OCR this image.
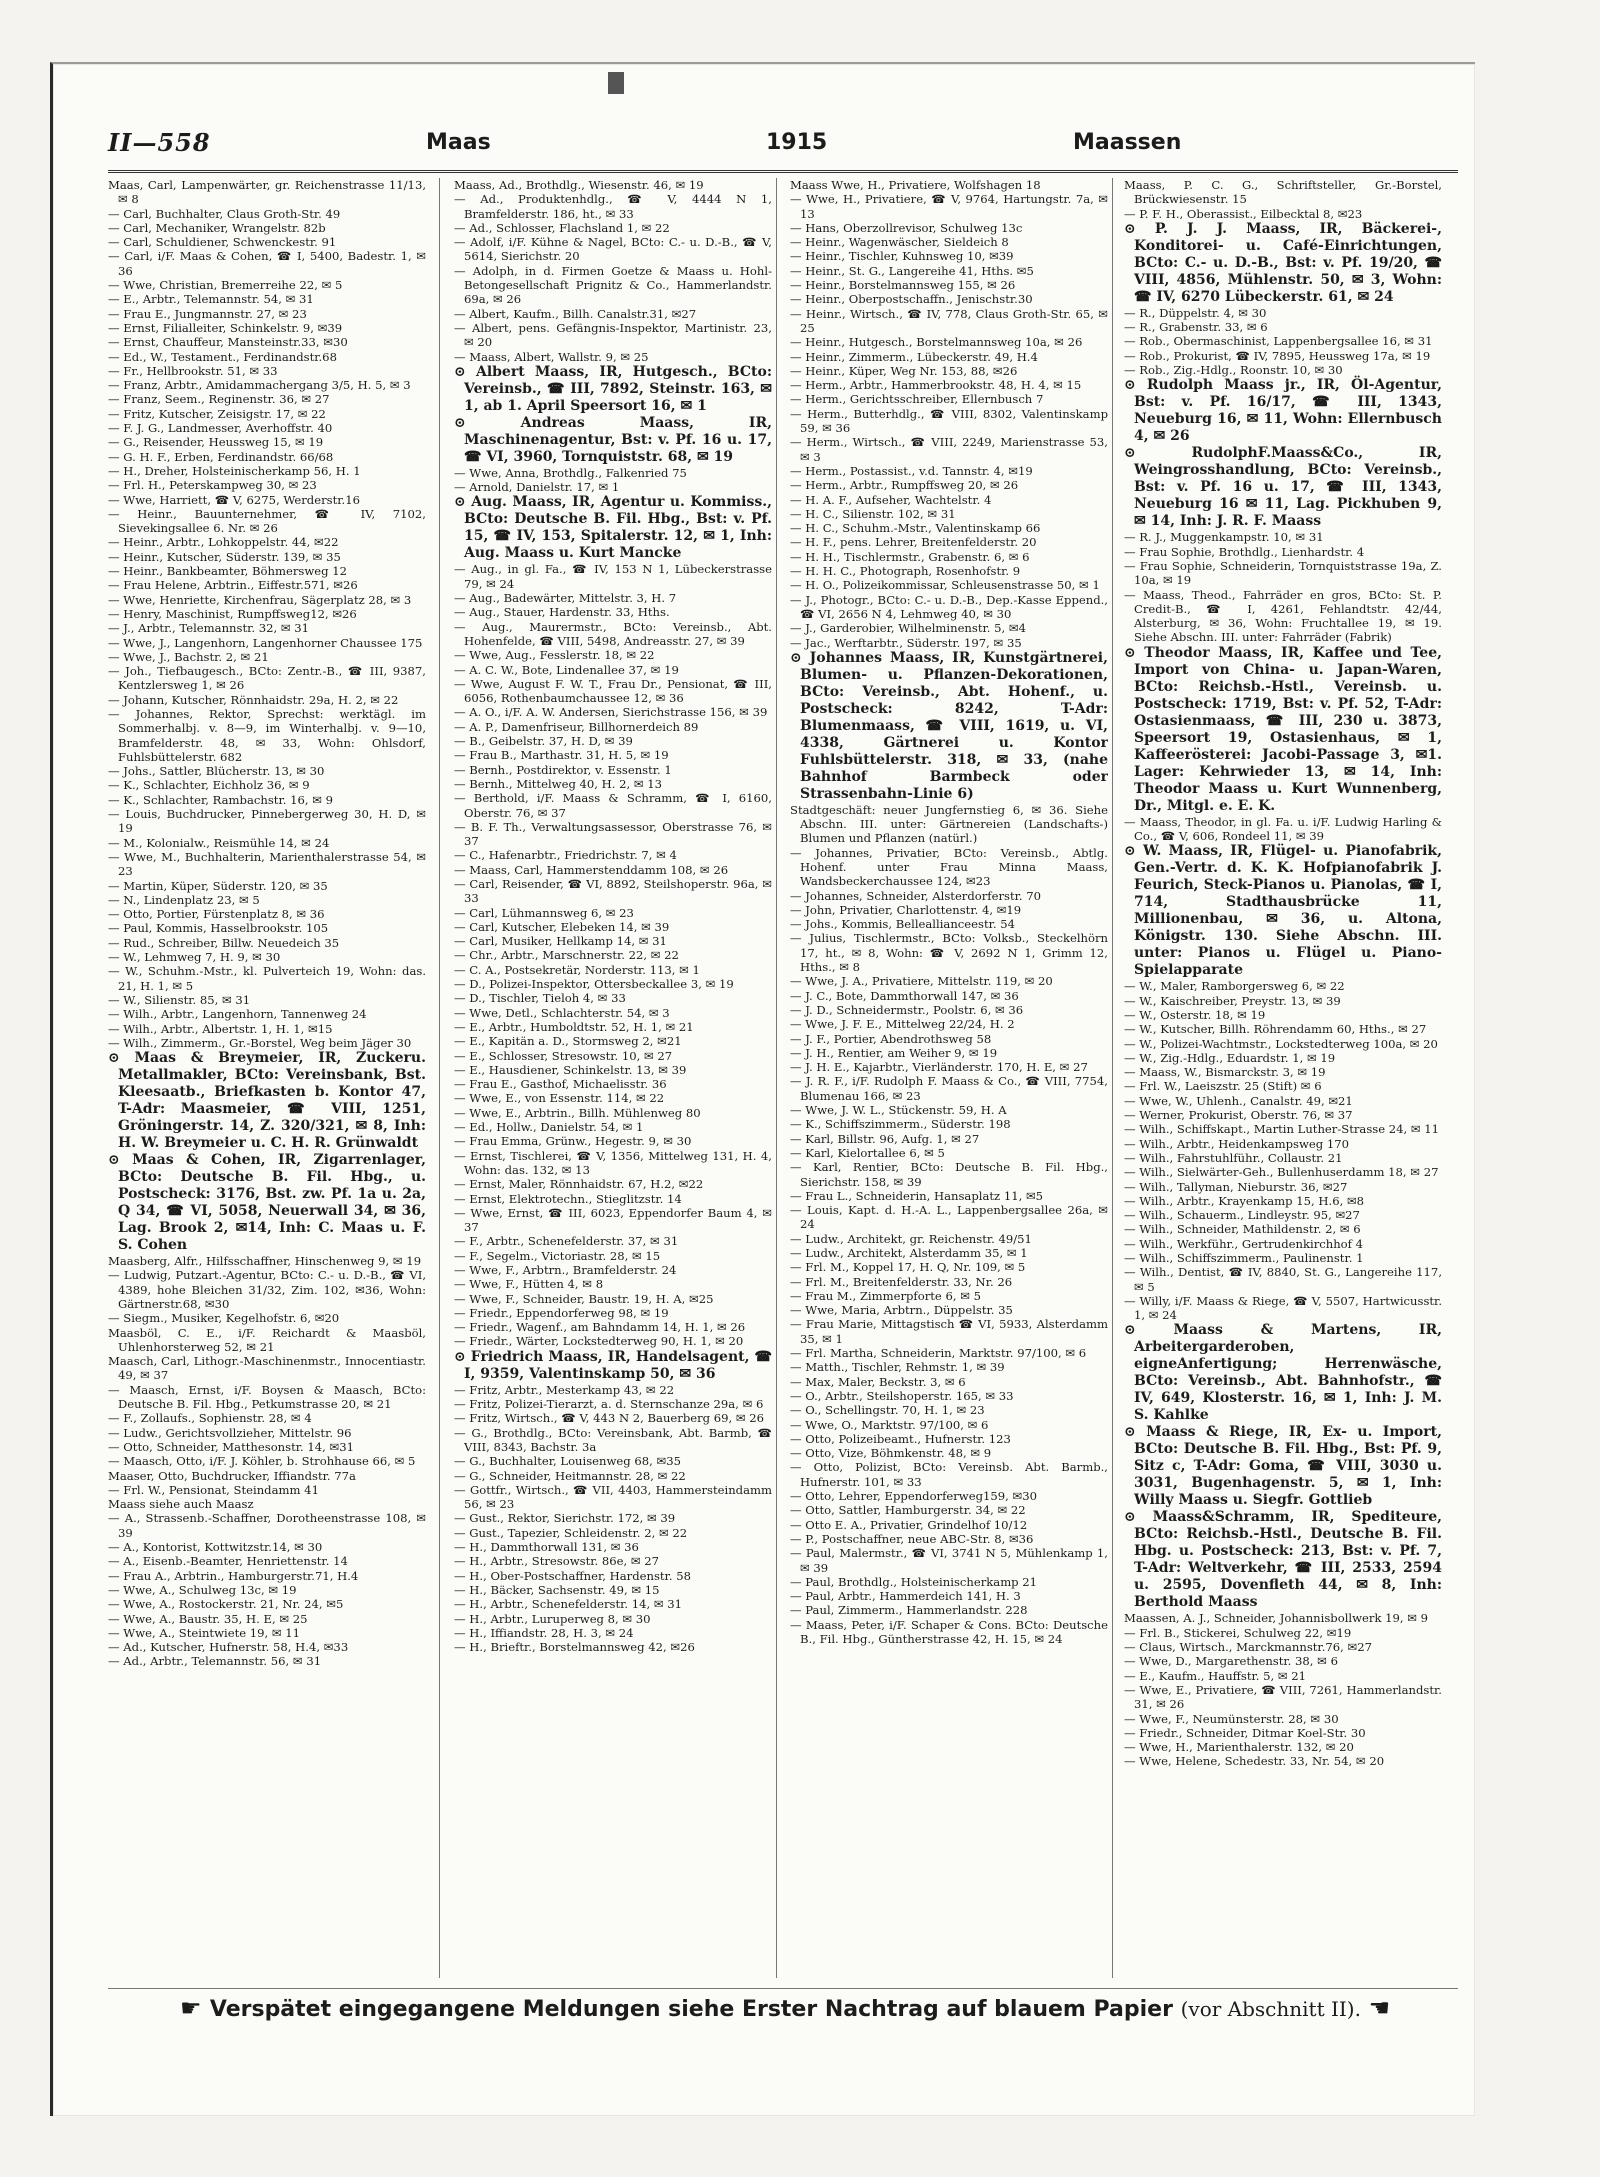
II—558	Maas	1915	Maassen

Maas, Carl, Lampenwärter, gr. Reichenstrasse 11/13, ✉ 8

— Carl, Buchhalter, Claus Groth-Str. 49

— Carl, Mechaniker, Wrangelstr. 82b

— Carl, Schuldiener, Schwenckestr. 91

— Carl, i/F. Maas & Cohen, ☎ I, 5400, Badestr. 1, ✉ 36

— Wwe, Christian, Bremerreihe 22, ✉ 5

— E., Arbtr., Telemannstr. 54, ✉ 31

— Frau E., Jungmannstr. 27, ✉ 23

— Ernst, Filialleiter, Schinkelstr. 9, ✉39

— Ernst, Chauffeur, Mansteinstr.33, ✉30

— Ed., W., Testament., Ferdinandstr.68

— Fr., Hellbrookstr. 51, ✉ 33

— Franz, Arbtr., Amidammachergang 3/5, H. 5, ✉ 3

— Franz, Seem., Reginenstr. 36, ✉ 27

— Fritz, Kutscher, Zeisigstr. 17, ✉ 22

— F. J. G., Landmesser, Averhoffstr. 40

— G., Reisender, Heussweg 15, ✉ 19

— G. H. F., Erben, Ferdinandstr. 66/68

— H., Dreher, Holsteinischerkamp 56, H. 1

— Frl. H., Peterskampweg 30, ✉ 23

— Wwe, Harriett, ☎ V, 6275, Werderstr.16

— Heinr., Bauunternehmer, ☎ IV, 7102, Sievekingsallee 6. Nr. ✉ 26

— Heinr., Arbtr., Lohkoppelstr. 44, ✉22

— Heinr., Kutscher, Süderstr. 139, ✉ 35

— Heinr., Bankbeamter, Böhmersweg 12

— Frau Helene, Arbtrin., Eiffestr.571, ✉26

— Wwe, Henriette, Kirchenfrau, Sägerplatz 28, ✉ 3

— Henry, Maschinist, Rumpffsweg12, ✉26

— J., Arbtr., Telemannstr. 32, ✉ 31

— Wwe, J., Langenhorn, Langenhorner Chaussee 175

— Wwe, J., Bachstr. 2, ✉ 21

— Joh., Tiefbaugesch., BCto: Zentr.-B., ☎ III, 9387, Kentzlersweg 1, ✉ 26

— Johann, Kutscher, Rönnhaidstr. 29a, H. 2, ✉ 22

— Johannes, Rektor, Sprechst: werktägl. im Sommerhalbj. v. 8—9, im Winterhalbj. v. 9—10, Bramfelderstr. 48, ✉ 33, Wohn: Ohlsdorf, Fuhlsbüttelerstr. 682

— Johs., Sattler, Blücherstr. 13, ✉ 30

— K., Schlachter, Eichholz 36, ✉ 9

— K., Schlachter, Rambachstr. 16, ✉ 9

— Louis, Buchdrucker, Pinnebergerweg 30, H. D, ✉ 19

— M., Kolonialw., Reismühle 14, ✉ 24

— Wwe, M., Buchhalterin, Marienthalerstrasse 54, ✉ 23

— Martin, Küper, Süderstr. 120, ✉ 35

— N., Lindenplatz 23, ✉ 5

— Otto, Portier, Fürstenplatz 8, ✉ 36

— Paul, Kommis, Hasselbrookstr. 105

— Rud., Schreiber, Billw. Neuedeich 35

— W., Lehmweg 7, H. 9, ✉ 30

— W., Schuhm.-Mstr., kl. Pulverteich 19, Wohn: das. 21, H. 1, ✉ 5

— W., Silienstr. 85, ✉ 31

— Wilh., Arbtr., Langenhorn, Tannenweg 24

— Wilh., Arbtr., Albertstr. 1, H. 1, ✉15

— Wilh., Zimmerm., Gr.-Borstel, Weg beim Jäger 30

⊙ Maas & Breymeier, IR, Zuckeru. Metallmakler, BCto: Vereinsbank, Bst. Kleesaatb., Briefkasten b. Kontor 47, T-Adr: Maasmeier, ☎ VIII, 1251, Gröningerstr. 14, Z. 320/321, ✉ 8, Inh: H. W. Breymeier u. C. H. R. Grünwaldt

⊙ Maas & Cohen, IR, Zigarrenlager, BCto: Deutsche B. Fil. Hbg., u. Postscheck: 3176, Bst. zw. Pf. 1a u. 2a, Q 34, ☎ VI, 5058, Neuerwall 34, ✉ 36, Lag. Brook 2, ✉14, Inh: C. Maas u. F. S. Cohen

Maasberg, Alfr., Hilfsschaffner, Hinschenweg 9, ✉ 19

— Ludwig, Putzart.-Agentur, BCto: C.- u. D.-B., ☎ VI, 4389, hohe Bleichen 31/32, Zim. 102, ✉36, Wohn: Gärtnerstr.68, ✉30

— Siegm., Musiker, Kegelhofstr. 6, ✉20

Maasböl, C. E., i/F. Reichardt & Maasböl, Uhlenhorsterweg 52, ✉ 21

Maasch, Carl, Lithogr.-Maschinenmstr., Innocentiastr. 49, ✉ 37

— Maasch, Ernst, i/F. Boysen & Maasch, BCto: Deutsche B. Fil. Hbg., Petkumstrasse 20, ✉ 21

— F., Zollaufs., Sophienstr. 28, ✉ 4

— Ludw., Gerichtsvollzieher, Mittelstr. 96

— Otto, Schneider, Matthesonstr. 14, ✉31

— Maasch, Otto, i/F. J. Köhler, b. Strohhause 66, ✉ 5

Maaser, Otto, Buchdrucker, Iffiandstr. 77a

— Frl. W., Pensionat, Steindamm 41

Maass siehe auch Maasz

— A., Strassenb.-Schaffner, Dorotheenstrasse 108, ✉ 39

— A., Kontorist, Kottwitzstr.14, ✉ 30

— A., Eisenb.-Beamter, Henriettenstr. 14

— Frau A., Arbtrin., Hamburgerstr.71, H.4

— Wwe, A., Schulweg 13c, ✉ 19

— Wwe, A., Rostockerstr. 21, Nr. 24, ✉5

— Wwe, A., Baustr. 35, H. E, ✉ 25

— Wwe, A., Steintwiete 19, ✉ 11

— Ad., Kutscher, Hufnerstr. 58, H.4, ✉33

— Ad., Arbtr., Telemannstr. 56, ✉ 31

Maass, Ad., Brothdlg., Wiesenstr. 46, ✉ 19

— Ad., Produktenhdlg., ☎ V, 4444 N 1, Bramfelderstr. 186, ht., ✉ 33

— Ad., Schlosser, Flachsland 1, ✉ 22

— Adolf, i/F. Kühne & Nagel, BCto: C.- u. D.-B., ☎ V, 5614, Sierichstr. 20

— Adolph, in d. Firmen Goetze & Maass u. Hohl-Betongesellschaft Prignitz & Co., Hammerlandstr. 69a, ✉ 26

— Albert, Kaufm., Billh. Canalstr.31, ✉27

— Albert, pens. Gefängnis-Inspektor, Martinistr. 23, ✉ 20

— Maass, Albert, Wallstr. 9, ✉ 25

⊙ Albert Maass, IR, Hutgesch., BCto: Vereinsb., ☎ III, 7892, Steinstr. 163, ✉1, ab 1. April Speersort 16, ✉ 1

⊙ Andreas Maass, IR, Maschinenagentur, Bst: v. Pf. 16 u. 17, ☎ VI, 3960, Tornquiststr. 68, ✉ 19

— Wwe, Anna, Brothdlg., Falkenried 75

— Arnold, Danielstr. 17, ✉ 1

⊙ Aug. Maass, IR, Agentur u. Kommiss., BCto: Deutsche B. Fil. Hbg., Bst: v. Pf. 15, ☎ IV, 153, Spitalerstr. 12, ✉ 1, Inh: Aug. Maass u. Kurt Mancke

— Aug., in gl. Fa., ☎ IV, 153 N 1, Lübeckerstrasse 79, ✉ 24

— Aug., Badewärter, Mittelstr. 3, H. 7

— Aug., Stauer, Hardenstr. 33, Hths.

— Aug., Maurermstr., BCto: Vereinsb., Abt. Hohenfelde, ☎ VIII, 5498, Andreasstr. 27, ✉ 39

— Wwe, Aug., Fesslerstr. 18, ✉ 22

— A. C. W., Bote, Lindenallee 37, ✉ 19

— Wwe, August F. W. T., Frau Dr., Pensionat, ☎ III, 6056, Rothenbaumchaussee 12, ✉ 36

— A. O., i/F. A. W. Andersen, Sierichstrasse 156, ✉ 39

— A. P., Damenfriseur, Billhornerdeich 89

— B., Geibelstr. 37, H. D, ✉ 39

— Frau B., Marthastr. 31, H. 5, ✉ 19

— Bernh., Postdirektor, v. Essenstr. 1

— Bernh., Mittelweg 40, H. 2, ✉ 13

— Berthold, i/F. Maass & Schramm, ☎ I, 6160, Oberstr. 76, ✉ 37

— B. F. Th., Verwaltungsassessor, Oberstrasse 76, ✉ 37

— C., Hafenarbtr., Friedrichstr. 7, ✉ 4

— Maass, Carl, Hammerstenddamm 108, ✉ 26

— Carl, Reisender, ☎ VI, 8892, Steilshoperstr. 96a, ✉ 33

— Carl, Lühmannsweg 6, ✉ 23

— Carl, Kutscher, Elebeken 14, ✉ 39

— Carl, Musiker, Hellkamp 14, ✉ 31

— Chr., Arbtr., Marschnerstr. 22, ✉ 22

— C. A., Postsekretär, Norderstr. 113, ✉ 1

— D., Polizei-Inspektor, Ottersbeckallee 3, ✉ 19

— D., Tischler, Tieloh 4, ✉ 33

— Wwe, Detl., Schlachterstr. 54, ✉ 3

— E., Arbtr., Humboldtstr. 52, H. 1, ✉ 21

— E., Kapitän a. D., Stormsweg 2, ✉21

— E., Schlosser, Stresowstr. 10, ✉ 27

— E., Hausdiener, Schinkelstr. 13, ✉ 39

— Frau E., Gasthof, Michaelisstr. 36

— Wwe, E., von Essenstr. 114, ✉ 22

— Wwe, E., Arbtrin., Billh. Mühlenweg 80

— Ed., Hollw., Danielstr. 54, ✉ 1

— Frau Emma, Grünw., Hegestr. 9, ✉ 30

— Ernst, Tischlerei, ☎ V, 1356, Mittelweg 131, H. 4, Wohn: das. 132, ✉ 13

— Ernst, Maler, Rönnhaidstr. 67, H.2, ✉22

— Ernst, Elektrotechn., Stieglitzstr. 14

— Wwe, Ernst, ☎ III, 6023, Eppendorfer Baum 4, ✉ 37

— F., Arbtr., Schenefelderstr. 37, ✉ 31

— F., Segelm., Victoriastr. 28, ✉ 15

— Wwe, F., Arbtrn., Bramfelderstr. 24

— Wwe, F., Hütten 4, ✉ 8

— Wwe, F., Schneider, Baustr. 19, H. A, ✉25

— Friedr., Eppendorferweg 98, ✉ 19

— Friedr., Wagenf., am Bahndamm 14, H. 1, ✉ 26

— Friedr., Wärter, Lockstedterweg 90, H. 1, ✉ 20

⊙ Friedrich Maass, IR, Handelsagent, ☎ I, 9359, Valentinskamp 50, ✉ 36

— Fritz, Arbtr., Mesterkamp 43, ✉ 22

— Fritz, Polizei-Tierarzt, a. d. Sternschanze 29a, ✉ 6

— Fritz, Wirtsch., ☎ V, 443 N 2, Bauerberg 69, ✉ 26

— G., Brothdlg., BCto: Vereinsbank, Abt. Barmb, ☎ VIII, 8343, Bachstr. 3a

— G., Buchhalter, Louisenweg 68, ✉35

— G., Schneider, Heitmannstr. 28, ✉ 22

— Gottfr., Wirtsch., ☎ VII, 4403, Hammersteindamm 56, ✉ 23

— Gust., Rektor, Sierichstr. 172, ✉ 39

— Gust., Tapezier, Schleidenstr. 2, ✉ 22

— H., Dammthorwall 131, ✉ 36

— H., Arbtr., Stresowstr. 86e, ✉ 27

— H., Ober-Postschaffner, Hardenstr. 58

— H., Bäcker, Sachsenstr. 49, ✉ 15

— H., Arbtr., Schenefelderstr. 14, ✉ 31

— H., Arbtr., Luruperweg 8, ✉ 30

— H., Iffiandstr. 28, H. 3, ✉ 24

— H., Brieftr., Borstelmannsweg 42, ✉26

Maass Wwe, H., Privatiere, Wolfshagen 18

— Wwe, H., Privatiere, ☎ V, 9764, Hartungstr. 7a, ✉ 13

— Hans, Oberzollrevisor, Schulweg 13c

— Heinr., Wagenwäscher, Sieldeich 8

— Heinr., Tischler, Kuhnsweg 10, ✉39

— Heinr., St. G., Langereihe 41, Hths. ✉5

— Heinr., Borstelmannsweg 155, ✉ 26

— Heinr., Oberpostschaffn., Jenischstr.30

— Heinr., Wirtsch., ☎ IV, 778, Claus Groth-Str. 65, ✉ 25

— Heinr., Hutgesch., Borstelmannsweg 10a, ✉ 26

— Heinr., Zimmerm., Lübeckerstr. 49, H.4

— Heinr., Küper, Weg Nr. 153, 88, ✉26

— Herm., Arbtr., Hammerbrookstr. 48, H. 4, ✉ 15

— Herm., Gerichtsschreiber, Ellernbusch 7

— Herm., Butterhdlg., ☎ VIII, 8302, Valentinskamp 59, ✉ 36

— Herm., Wirtsch., ☎ VIII, 2249, Marienstrasse 53, ✉ 3

— Herm., Postassist., v.d. Tannstr. 4, ✉19

— Herm., Arbtr., Rumpffsweg 20, ✉ 26

— H. A. F., Aufseher, Wachtelstr. 4

— H. C., Silienstr. 102, ✉ 31

— H. C., Schuhm.-Mstr., Valentinskamp 66

— H. F., pens. Lehrer, Breitenfelderstr. 20

— H. H., Tischlermstr., Grabenstr. 6, ✉ 6

— H. H. C., Photograph, Rosenhofstr. 9

— H. O., Polizeikommissar, Schleusenstrasse 50, ✉ 1

— J., Photogr., BCto: C.- u. D.-B., Dep.-Kasse Eppend., ☎ VI, 2656 N 4, Lehmweg 40, ✉ 30

— J., Garderobier, Wilhelminenstr. 5, ✉4

— Jac., Werftarbtr., Süderstr. 197, ✉ 35

⊙ Johannes Maass, IR, Kunstgärtnerei, Blumen- u. Pflanzen-Dekorationen, BCto: Vereinsb., Abt. Hohenf., u. Postscheck: 8242, T-Adr: Blumenmaass, ☎ VIII, 1619, u. VI, 4338, Gärtnerei u. Kontor Fuhlsbüttelerstr. 318, ✉ 33, (nahe Bahnhof Barmbeck oder Strassenbahn-Linie 6)

Stadtgeschäft: neuer Jungfernstieg 6, ✉ 36. Siehe Abschn. III. unter: Gärtnereien (Landschafts-) Blumen und Pflanzen (natürl.)

— Johannes, Privatier, BCto: Vereinsb., Abtlg. Hohenf. unter Frau Minna Maass, Wandsbeckerchaussee 124, ✉23

— Johannes, Schneider, Alsterdorferstr. 70

— John, Privatier, Charlottenstr. 4, ✉19

— Johs., Kommis, Belleallianceestr. 54

— Julius, Tischlermstr., BCto: Volksb., Steckelhörn 17, ht., ✉ 8, Wohn: ☎ V, 2692 N 1, Grimm 12, Hths., ✉ 8

— Wwe, J. A., Privatiere, Mittelstr. 119, ✉ 20

— J. C., Bote, Dammthorwall 147, ✉ 36

— J. D., Schneidermstr., Poolstr. 6, ✉ 36

— Wwe, J. F. E., Mittelweg 22/24, H. 2

— J. F., Portier, Abendrothsweg 58

— J. H., Rentier, am Weiher 9, ✉ 19

— J. H. E., Kajarbtr., Vierländerstr. 170, H. E, ✉ 27

— J. R. F., i/F. Rudolph F. Maass & Co., ☎ VIII, 7754, Blumenau 166, ✉ 23

— Wwe, J. W. L., Stückenstr. 59, H. A

— K., Schiffszimmerm., Süderstr. 198

— Karl, Billstr. 96, Aufg. 1, ✉ 27

— Karl, Kielortallee 6, ✉ 5

— Karl, Rentier, BCto: Deutsche B. Fil. Hbg., Sierichstr. 158, ✉ 39

— Frau L., Schneiderin, Hansaplatz 11, ✉5

— Louis, Kapt. d. H.-A. L., Lappenbergsallee 26a, ✉ 24

— Ludw., Architekt, gr. Reichenstr. 49/51

— Ludw., Architekt, Alsterdamm 35, ✉ 1

— Frl. M., Koppel 17, H. Q, Nr. 109, ✉ 5

— Frl. M., Breitenfelderstr. 33, Nr. 26

— Frau M., Zimmerpforte 6, ✉ 5

— Wwe, Maria, Arbtrn., Düppelstr. 35

— Frau Marie, Mittagstisch ☎ VI, 5933, Alsterdamm 35, ✉ 1

— Frl. Martha, Schneiderin, Marktstr. 97/100, ✉ 6

— Matth., Tischler, Rehmstr. 1, ✉ 39

— Max, Maler, Beckstr. 3, ✉ 6

— O., Arbtr., Steilshoperstr. 165, ✉ 33

— O., Schellingstr. 70, H. 1, ✉ 23

— Wwe, O., Marktstr. 97/100, ✉ 6

— Otto, Polizeibeamt., Hufnerstr. 123

— Otto, Vize, Böhmkenstr. 48, ✉ 9

— Otto, Polizist, BCto: Vereinsb. Abt. Barmb., Hufnerstr. 101, ✉ 33

— Otto, Lehrer, Eppendorferweg159, ✉30

— Otto, Sattler, Hamburgerstr. 34, ✉ 22

— Otto E. A., Privatier, Grindelhof 10/12

— P., Postschaffner, neue ABC-Str. 8, ✉36

— Paul, Malermstr., ☎ VI, 3741 N 5, Mühlenkamp 1, ✉ 39

— Paul, Brothdlg., Holsteinischerkamp 21

— Paul, Arbtr., Hammerdeich 141, H. 3

— Paul, Zimmerm., Hammerlandstr. 228

— Maass, Peter, i/F. Schaper & Cons. BCto: Deutsche B., Fil. Hbg., Güntherstrasse 42, H. 15, ✉ 24

Maass, P. C. G., Schriftsteller, Gr.-Borstel, Brückwiesenstr. 15

— P. F. H., Oberassist., Eilbecktal 8, ✉23

⊙ P. J. J. Maass, IR, Bäckerei-, Konditorei- u. Café-Einrichtungen, BCto: C.- u. D.-B., Bst: v. Pf. 19/20, ☎ VIII, 4856, Mühlenstr. 50, ✉ 3, Wohn: ☎ IV, 6270 Lübeckerstr. 61, ✉ 24

— R., Düppelstr. 4, ✉ 30

— R., Grabenstr. 33, ✉ 6

— Rob., Obermaschinist, Lappenbergsallee 16, ✉ 31

— Rob., Prokurist, ☎ IV, 7895, Heussweg 17a, ✉ 19

— Rob., Zig.-Hdlg., Roonstr. 10, ✉ 30

⊙ Rudolph Maass jr., IR, Öl-Agentur, Bst: v. Pf. 16/17, ☎ III, 1343, Neueburg 16, ✉ 11, Wohn: Ellernbusch 4, ✉ 26

⊙ RudolphF.Maass&Co., IR, Weingrosshandlung, BCto: Vereinsb., Bst: v. Pf. 16 u. 17, ☎ III, 1343, Neueburg 16 ✉ 11, Lag. Pickhuben 9, ✉ 14, Inh: J. R. F. Maass

— R. J., Muggenkampstr. 10, ✉ 31

— Frau Sophie, Brothdlg., Lienhardstr. 4

— Frau Sophie, Schneiderin, Tornquiststrasse 19a, Z. 10a, ✉ 19

— Maass, Theod., Fahrräder en gros, BCto: St. P. Credit-B., ☎ I, 4261, Fehlandtstr. 42/44, Alsterburg, ✉ 36, Wohn: Fruchtallee 19, ✉ 19. Siehe Abschn. III. unter: Fahrräder (Fabrik)

⊙ Theodor Maass, IR, Kaffee und Tee, Import von China- u. Japan-Waren, BCto: Reichsb.-Hstl., Vereinsb. u. Postscheck: 1719, Bst: v. Pf. 52, T-Adr: Ostasienmaass, ☎ III, 230 u. 3873, Speersort 19, Ostasienhaus, ✉ 1, Kaffeerösterei: Jacobi-Passage 3, ✉1. Lager: Kehrwieder 13, ✉ 14, Inh: Theodor Maass u. Kurt Wunnenberg, Dr., Mitgl. e. E. K.

— Maass, Theodor, in gl. Fa. u. i/F. Ludwig Harling & Co., ☎ V, 606, Rondeel 11, ✉ 39

⊙ W. Maass, IR, Flügel- u. Pianofabrik, Gen.-Vertr. d. K. K. Hofpianofabrik J. Feurich, Steck-Pianos u. Pianolas, ☎ I, 714, Stadthausbrücke 11, Millionenbau, ✉ 36, u. Altona, Königstr. 130. Siehe Abschn. III. unter: Pianos u. Flügel u. Piano-Spielapparate

— W., Maler, Ramborgersweg 6, ✉ 22

— W., Kaischreiber, Preystr. 13, ✉ 39

— W., Osterstr. 18, ✉ 19

— W., Kutscher, Billh. Röhrendamm 60, Hths., ✉ 27

— W., Polizei-Wachtmstr., Lockstedterweg 100a, ✉ 20

— W., Zig.-Hdlg., Eduardstr. 1, ✉ 19

— Maass, W., Bismarckstr. 3, ✉ 19

— Frl. W., Laeiszstr. 25 (Stift) ✉ 6

— Wwe, W., Uhlenh., Canalstr. 49, ✉21

— Werner, Prokurist, Oberstr. 76, ✉ 37

— Wilh., Schiffskapt., Martin Luther-Strasse 24, ✉ 11

— Wilh., Arbtr., Heidenkampsweg 170

— Wilh., Fahrstuhlführ., Collaustr. 21

— Wilh., Sielwärter-Geh., Bullenhuserdamm 18, ✉ 27

— Wilh., Tallyman, Nieburstr. 36, ✉27

— Wilh., Arbtr., Krayenkamp 15, H.6, ✉8

— Wilh., Schauerm., Lindleystr. 95, ✉27

— Wilh., Schneider, Mathildenstr. 2, ✉ 6

— Wilh., Werkführ., Gertrudenkirchhof 4

— Wilh., Schiffszimmerm., Paulinenstr. 1

— Wilh., Dentist, ☎ IV, 8840, St. G., Langereihe 117, ✉ 5

— Willy, i/F. Maass & Riege, ☎ V, 5507, Hartwicusstr. 1, ✉ 24

⊙ Maass & Martens, IR, Arbeitergarderoben, eigneAnfertigung; Herrenwäsche, BCto: Vereinsb., Abt. Bahnhofstr., ☎ IV, 649, Klosterstr. 16, ✉ 1, Inh: J. M. S. Kahlke

⊙ Maass & Riege, IR, Ex- u. Import, BCto: Deutsche B. Fil. Hbg., Bst: Pf. 9, Sitz c, T-Adr: Goma, ☎ VIII, 3030 u. 3031, Bugenhagenstr. 5, ✉ 1, Inh: Willy Maass u. Siegfr. Gottlieb

⊙ Maass&Schramm, IR, Spediteure, BCto: Reichsb.-Hstl., Deutsche B. Fil. Hbg. u. Postscheck: 213, Bst: v. Pf. 7, T-Adr: Weltverkehr, ☎ III, 2533, 2594 u. 2595, Dovenfleth 44, ✉ 8, Inh: Berthold Maass

Maassen, A. J., Schneider, Johannisbollwerk 19, ✉ 9

— Frl. B., Stickerei, Schulweg 22, ✉19

— Claus, Wirtsch., Marckmannstr.76, ✉27

— Wwe, D., Margarethenstr. 38, ✉ 6

— E., Kaufm., Hauffstr. 5, ✉ 21

— Wwe, E., Privatiere, ☎ VIII, 7261, Hammerlandstr. 31, ✉ 26

— Wwe, F., Neumünsterstr. 28, ✉ 30

— Friedr., Schneider, Ditmar Koel-Str. 30

— Wwe, H., Marienthalerstr. 132, ✉ 20

— Wwe, Helene, Schedestr. 33, Nr. 54, ✉ 20

☛ Verspätet eingegangene Meldungen siehe Erster Nachtrag auf blauem Papier (vor Abschnitt II). ☚
